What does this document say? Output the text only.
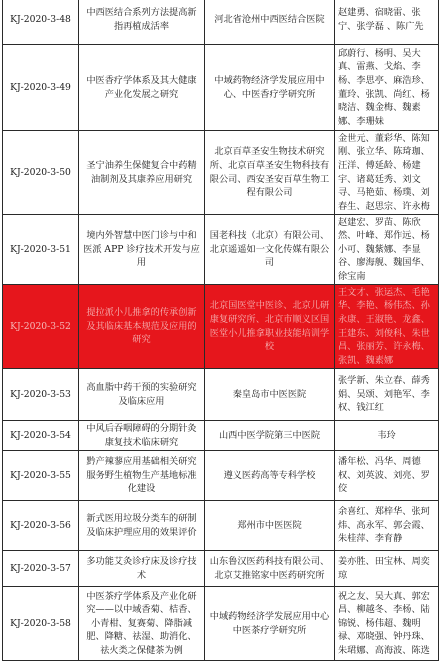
KJ-2020-3-48	中西医结合系列方法提高新指再植成活率	河北省沧州中西医结合医院	赵建勇、宿晓雷、张宁、张学磊 、陈广先
KJ-2020-3-49	中医香疗学体系及其大健康产业化发展之研究	中域药物经济学发展应用中心、中医香疗学研究所	邱蔚行、杨明、吴大真、雷燕、戈焰、李杨、李思亭、麻浩珍、董玲、张凯、尚红、杨晓洁、魏金梅、魏素娜、李珊妹
KJ-2020-3-50	圣宁油养生保健复合中药精油制剂及其康养应用研究	北京百草圣安生物技术研究所、北京百草圣安生物科技有限公司、西安圣安百草生物工程有限公司	金世元、董彩华、陈知刚、张立华、陈琦珈、汪洋、傅延龄、杨建宇、诸葛廷秀、刘文寻、马艳茹、杨璞、刘春生、赵思宗、许永梅
KJ-2020-3-51	境内外智慧中医门诊与中和医派 APP 诊疗技术开发与应用	国老科技（北京）有限公司、北京遥遥如一文化传媒有限公司	赵建宏、罗苗、陈欣然、叶峰、郑作远、杨小可、魏紫娜、李显谷、廖海舰、魏国华、徐宝南
KJ-2020-3-52	提拉派小儿推拿的传承创新及其临床基本规范及应用的研究	北京国医堂中医诊、北京儿研康复研究所、北京市顺义区国医堂小儿推拿职业技能培训学校	王文才、张运杰、毛艳华、李艳、杨伟杰、孙永康、王淑艳、龙鑫、王建东、刘俊科、朱世昌、张丽芳、许永梅、张凯、魏素娜
KJ-2020-3-53	高血脂中药干预的实验研究及临床应用	秦皇岛市中医医院	张学新、朱立春、薛秀娟、吴颂、刘艳军、李权、钱江红
KJ-2020-3-54	中风后吞咽障碍的分期针灸康复技术临床研究	山西中医学院第三中医院	韦玲
KJ-2020-3-55	黔产辣蓼应用基础相关研究服务野生植物生产基地标准化建设	遵义医药高等专科学校	潘年松、冯华、周德权、刘英波、刘亮、罗佼
KJ-2020-3-56	新式医用垃圾分类车的研制及临床护理应用的效果评价	郑州市中医医院	余喜红、郑梓华、张珂炜、高永军、郭会霞、朱桂萍、李育静
KJ-2020-3-57	多功能艾灸诊疗床及诊疗技术	山东鲁汉医药科技有限公司、北京艾推铭家中医药研究所	姜亦胜、田宝林、周奕琼
KJ-2020-3-58	中医茶疗学体系及产业化研究——以中域香菊、桔香、小青柑、复赛菊、降脂减肥、降糖、祛湿、助消化、祛火类之保健茶为例	中域药物经济学发展应用中心中医茶疗学研究所	祝之友、吴大真、郭宏昌、柳越冬、李杨、陆锦锐、杨伟超、魏明禄、邓晓强、钟丹珠、朱珺娜、高海波、陈选
